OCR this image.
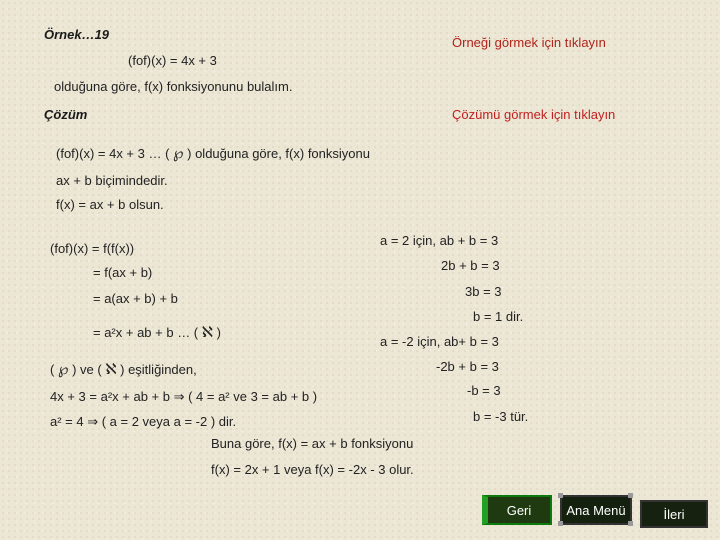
Örnek…19
Örneği görmek için tıklayın
(fof)(x) = 4x + 3
olduğuna göre, f(x) fonksiyonunu bulalım.
Çözüm	Çözümü görmek için tıklayın
(fof)(x) = 4x + 3 … ( ℘ ) olduğuna göre, f(x) fonksiyonu
ax + b biçimindedir.
f(x) = ax + b olsun.
(fof)(x) = f(f(x))
= f(ax + b)
= a(ax + b) + b
= a²x + ab + b … ( ℵ )
( ℘ ) ve ( ℵ ) eşitliğinden,
4x + 3 = a²x + ab + b ⇒ ( 4 = a² ve 3 = ab + b )
a² = 4 ⇒ ( a = 2 veya a = -2 ) dir.
a = 2 için, ab + b = 3
2b + b = 3
3b = 3
b = 1 dir.
a = -2 için, ab+ b = 3
-2b + b = 3
-b = 3
b = -3 tür.
Buna göre, f(x) = ax + b fonksiyonu
f(x) = 2x + 1 veya f(x) = -2x - 3 olur.
Geri	Ana Menü	İleri
